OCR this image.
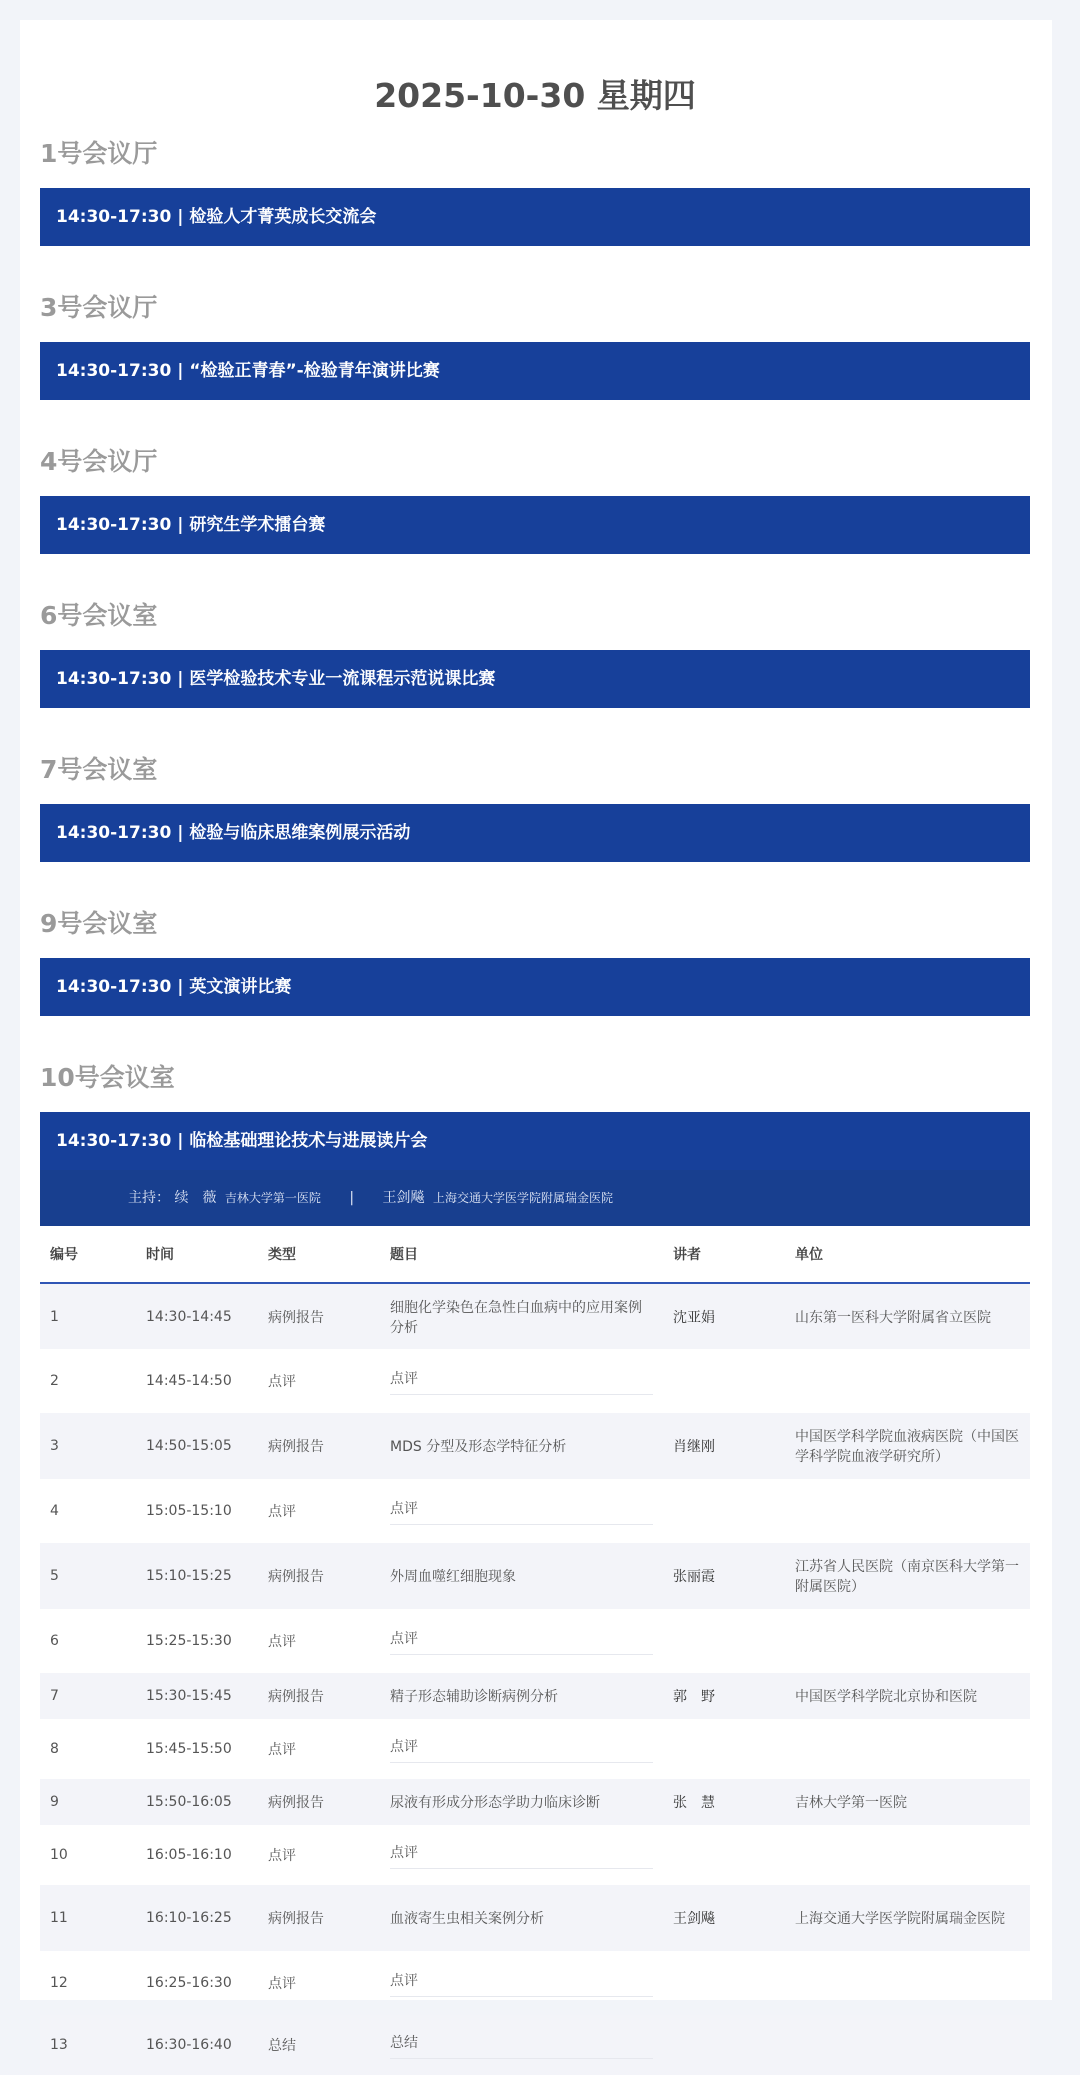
2025-10-30 星期四
1号会议厅
14:30-17:30 | 检验人才菁英成长交流会
3号会议厅
14:30-17:30 | “检验正青春”-检验青年演讲比赛
4号会议厅
14:30-17:30 | 研究生学术擂台赛
6号会议室
14:30-17:30 | 医学检验技术专业一流课程示范说课比赛
7号会议室
14:30-17:30 | 检验与临床思维案例展示活动
9号会议室
14:30-17:30 | 英文演讲比赛
10号会议室
14:30-17:30 | 临检基础理论技术与进展读片会
主持： 续　薇 吉林大学第一医院 | 王剑飚 上海交通大学医学院附属瑞金医院
编号	时间	类型	题目	讲者	单位
1	14:30-14:45	病例报告	细胞化学染色在急性白血病中的应用案例分析	沈亚娟	山东第一医科大学附属省立医院
2	14:45-14:50	点评	点评		

3	14:50-15:05	病例报告	MDS 分型及形态学特征分析	肖继刚	中国医学科学院血液病医院（中国医学科学院血液学研究所）
4	15:05-15:10	点评	点评		

5	15:10-15:25	病例报告	外周血噬红细胞现象	张丽霞	江苏省人民医院（南京医科大学第一附属医院）
6	15:25-15:30	点评	点评		

7	15:30-15:45	病例报告	精子形态辅助诊断病例分析	郭　野	中国医学科学院北京协和医院
8	15:45-15:50	点评	点评		

9	15:50-16:05	病例报告	尿液有形成分形态学助力临床诊断	张　慧	吉林大学第一医院
10	16:05-16:10	点评	点评		

11	16:10-16:25	病例报告	血液寄生虫相关案例分析	王剑飚	上海交通大学医学院附属瑞金医院
12	16:25-16:30	点评	点评		

13	16:30-16:40	总结	总结		
